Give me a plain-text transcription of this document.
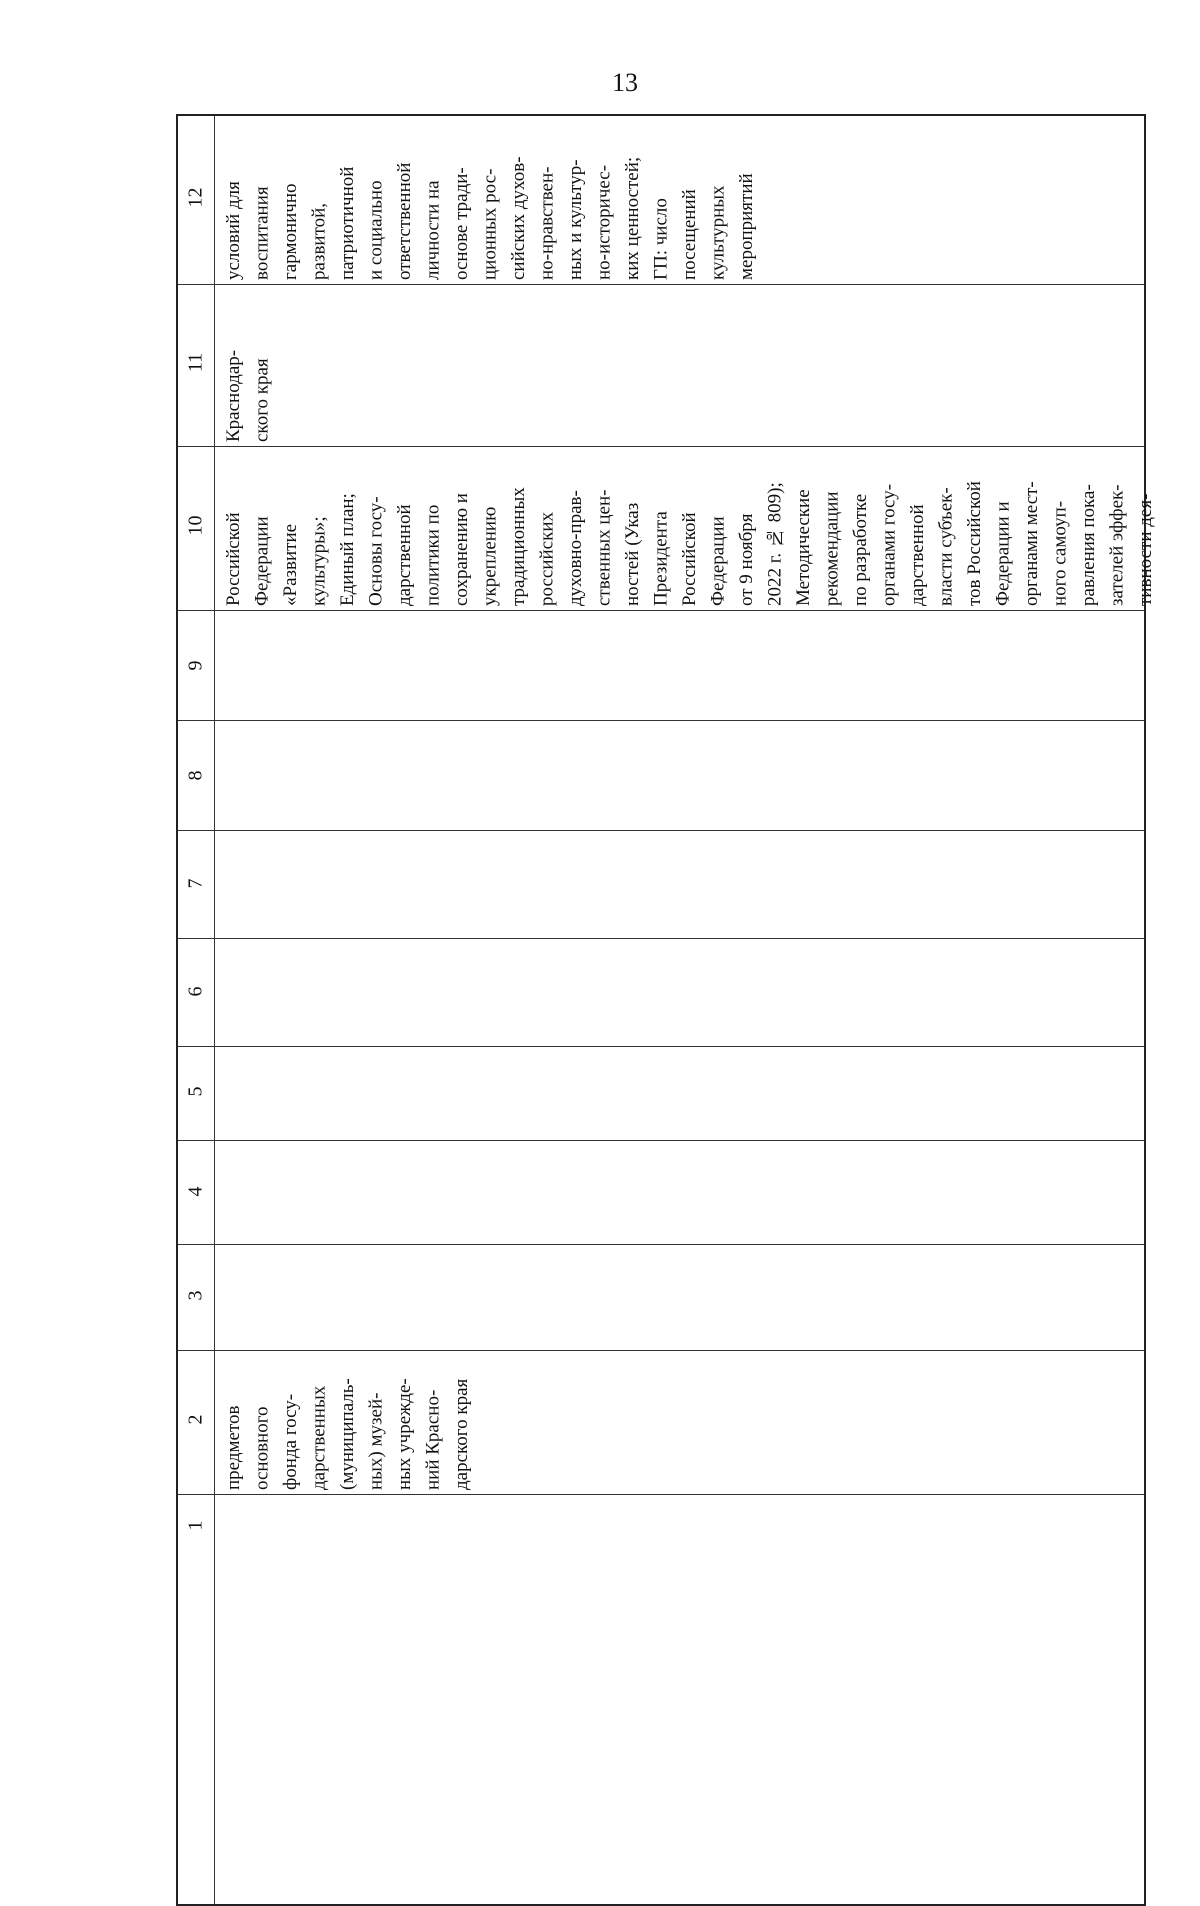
13
12
11
10
9
8
7
6
5
4
3
2
1
условий для
воспитания
гармонично
развитой,
патриотичной
и социально
ответственной
личности на
основе тради-
ционных рос-
сийских духов-
но-нравствен-
ных и культур-
но-историчес-
ких ценностей;
ГП: число
посещений
культурных
мероприятий
Краснодар-
ского края
Российской
Федерации
«Развитие
культуры»;
Единый план;
Основы госу-
дарственной
политики по
сохранению и
укреплению
традиционных
российских
духовно-прав-
ственных цен-
ностей (Указ
Президента
Российской
Федерации
от 9 ноября
2022 г. № 809);
Методические
рекомендации
по разработке
органами госу-
дарственной
власти субъек-
тов Российской
Федерации и
органами мест-
ного самоуп-
равления пока-
зателей эффек-
тивности дея-
предметов
основного
фонда госу-
дарственных
(муниципаль-
ных) музей-
ных учрежде-
ний Красно-
дарского края
